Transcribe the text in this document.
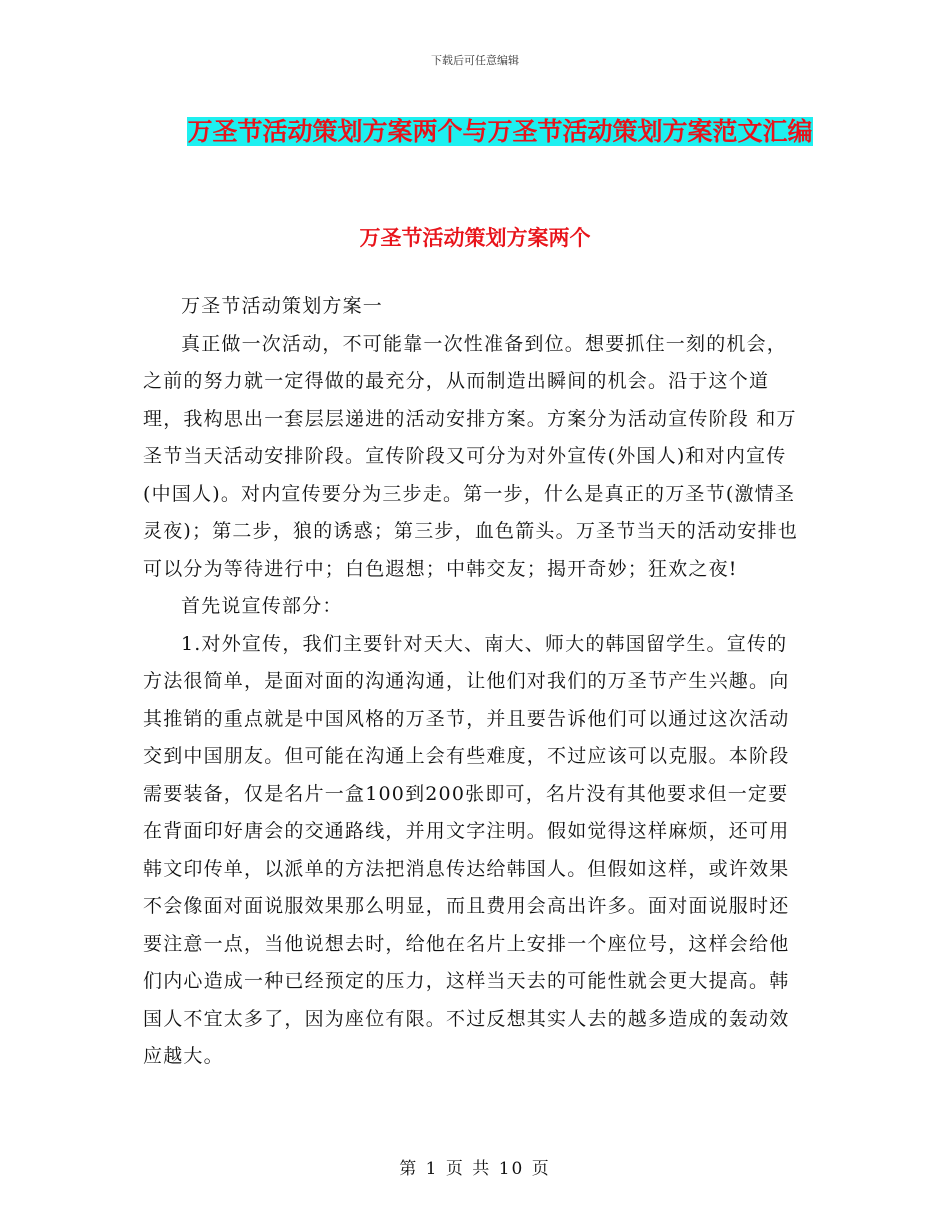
下载后可任意编辑
万圣节活动策划方案两个与万圣节活动策划方案范文汇编
万圣节活动策划方案两个

万圣节活动策划方案一

真正做一次活动，不可能靠一次性准备到位。想要抓住一刻的机会，之前的努力就一定得做的最充分，从而制造出瞬间的机会。沿于这个道理，我构思出一套层层递进的活动安排方案。方案分为活动宣传阶段 和万圣节当天活动安排阶段。宣传阶段又可分为对外宣传(外国人)和对内宣传(中国人)。对内宣传要分为三步走。第一步，什么是真正的万圣节(激情圣灵夜)；第二步，狼的诱惑；第三步，血色箭头。万圣节当天的活动安排也可以分为等待进行中；白色遐想；中韩交友；揭开奇妙；狂欢之夜!

首先说宣传部分：

1.对外宣传，我们主要针对天大、南大、师大的韩国留学生。宣传的方法很简单，是面对面的沟通沟通，让他们对我们的万圣节产生兴趣。向其推销的重点就是中国风格的万圣节，并且要告诉他们可以通过这次活动交到中国朋友。但可能在沟通上会有些难度，不过应该可以克服。本阶段需要装备，仅是名片一盒100到200张即可，名片没有其他要求但一定要在背面印好唐会的交通路线，并用文字注明。假如觉得这样麻烦，还可用韩文印传单，以派单的方法把消息传达给韩国人。但假如这样，或许效果不会像面对面说服效果那么明显，而且费用会高出许多。面对面说服时还要注意一点，当他说想去时，给他在名片上安排一个座位号，这样会给他们内心造成一种已经预定的压力，这样当天去的可能性就会更大提高。韩国人不宜太多了，因为座位有限。不过反想其实人去的越多造成的轰动效应越大。

第 1 页 共 10 页
